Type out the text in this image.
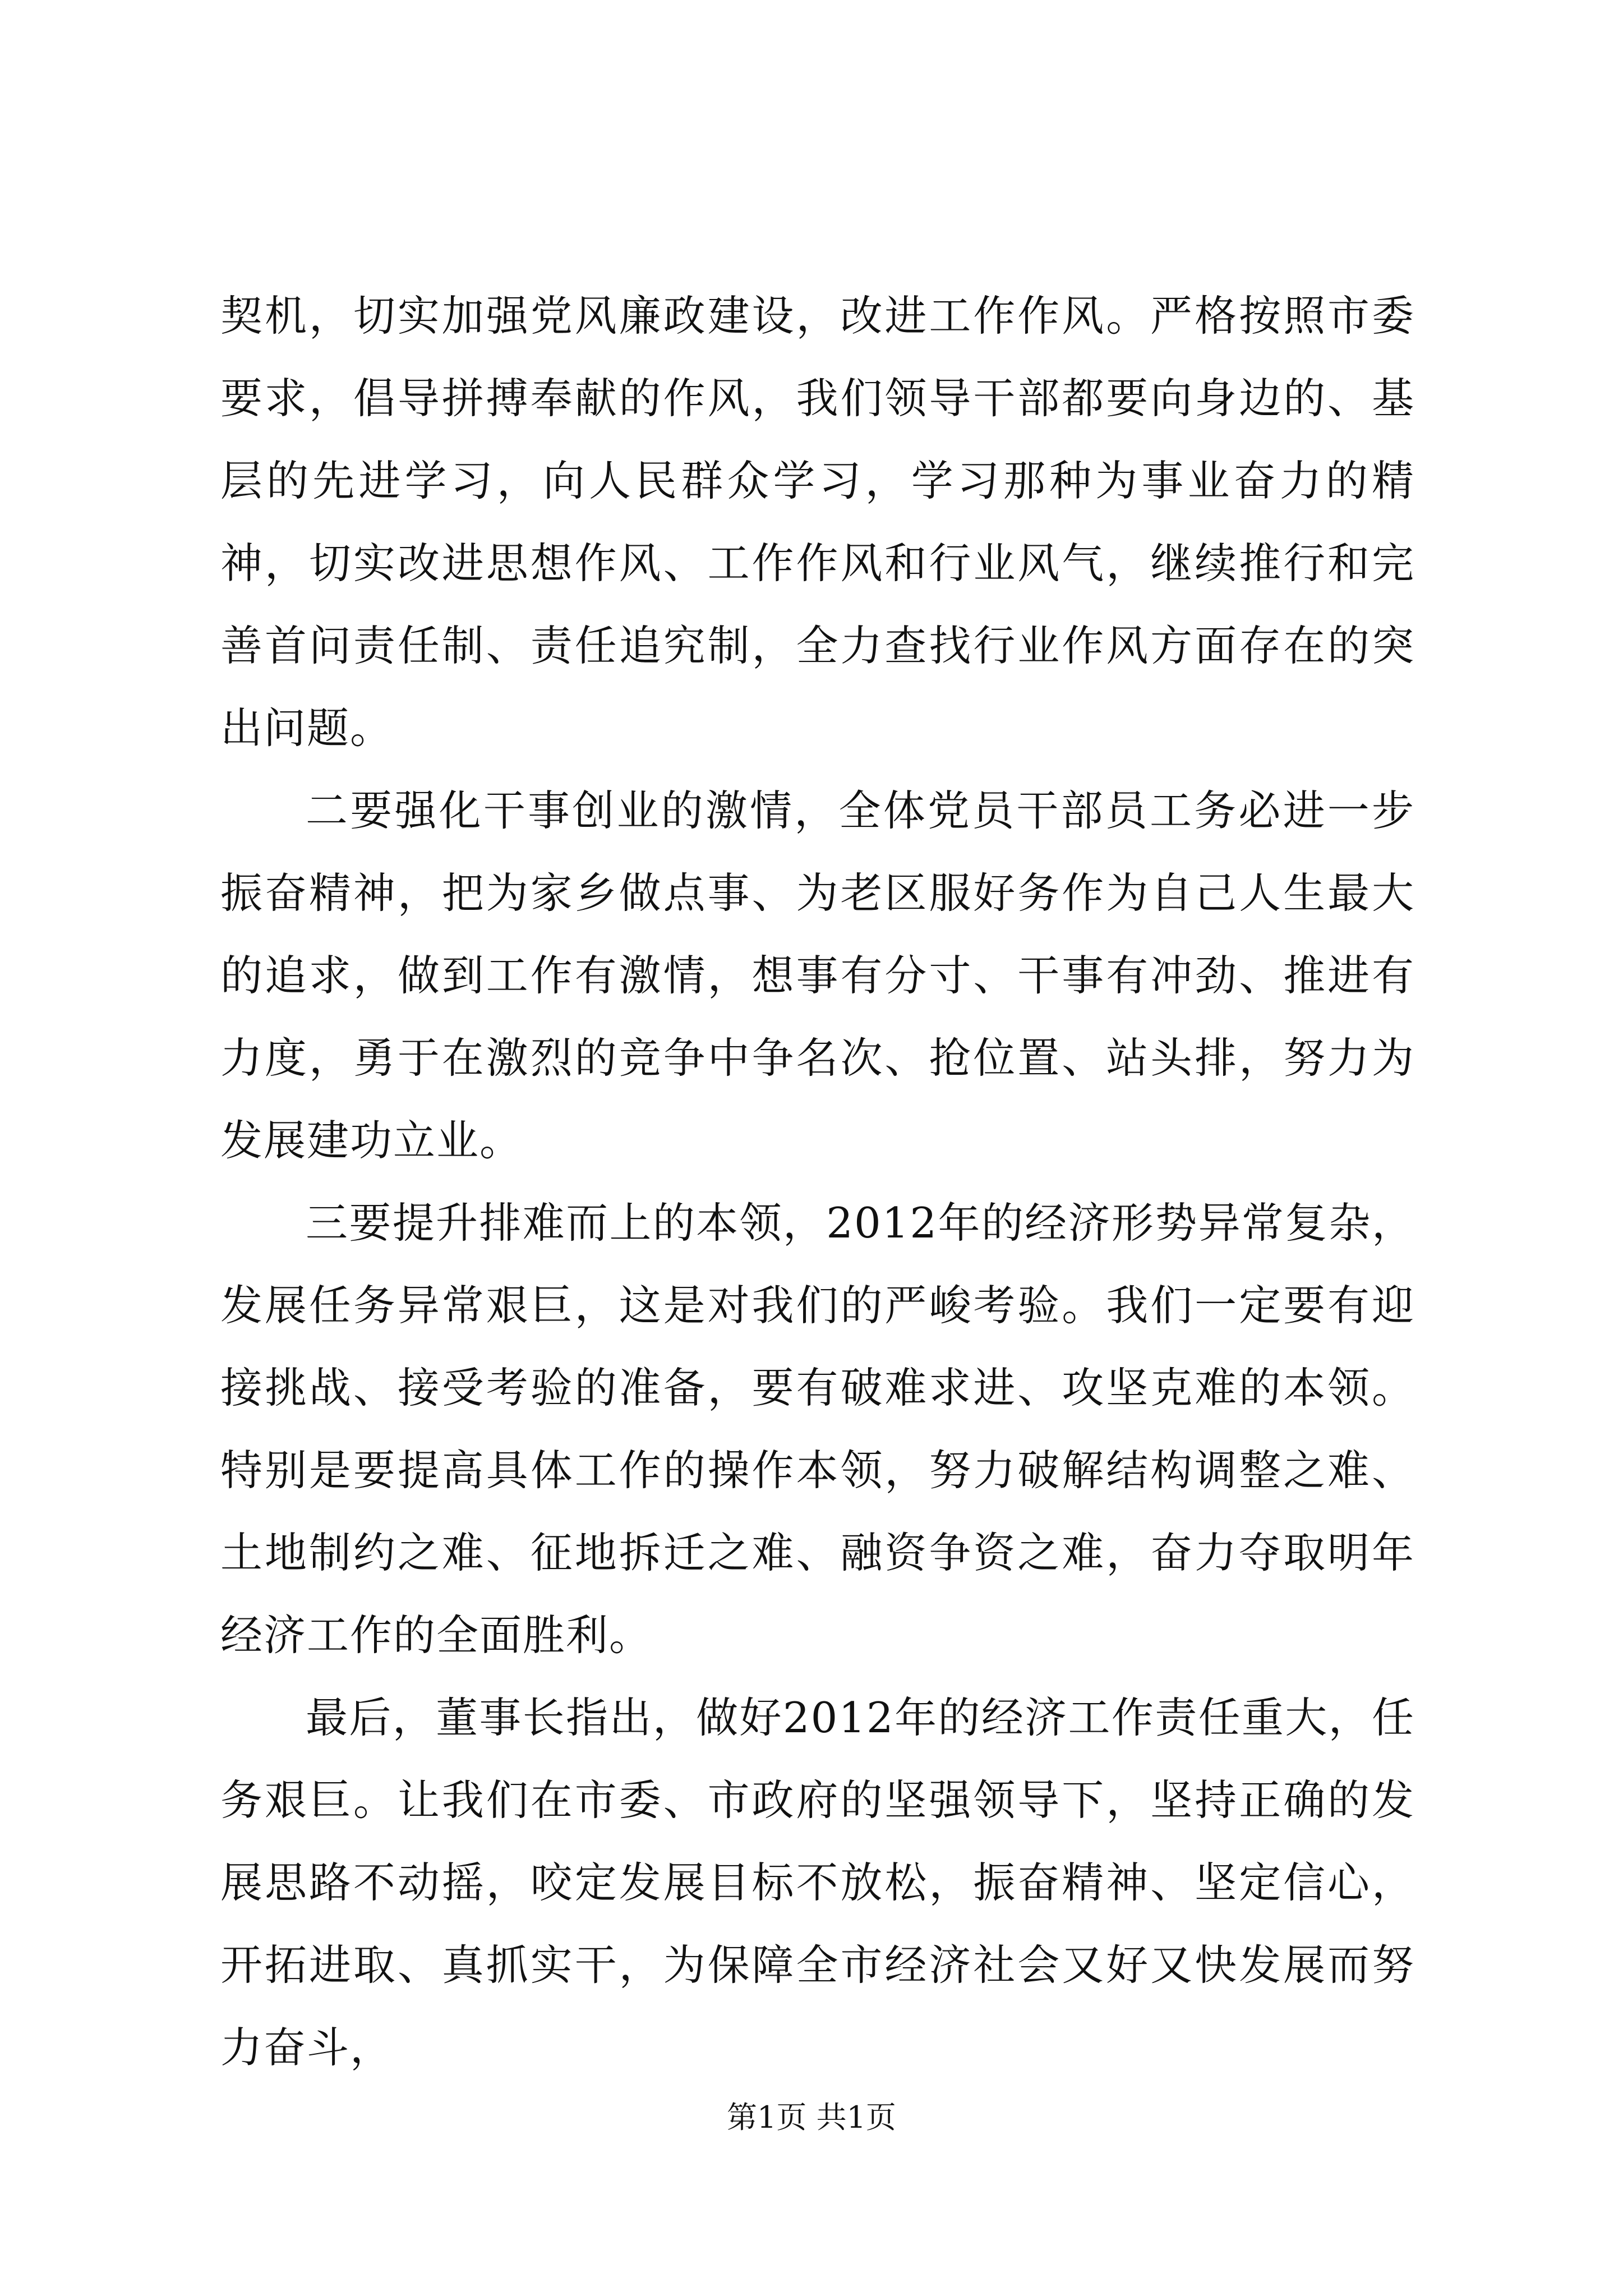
契机，切实加强党风廉政建设，改进工作作风。严格按照市委要求，倡导拼搏奉献的作风，我们领导干部都要向身边的、基层的先进学习，向人民群众学习，学习那种为事业奋力的精神，切实改进思想作风、工作作风和行业风气，继续推行和完善首问责任制、责任追究制，全力查找行业作风方面存在的突出问题。

二要强化干事创业的激情，全体党员干部员工务必进一步振奋精神，把为家乡做点事、为老区服好务作为自己人生最大的追求，做到工作有激情，想事有分寸、干事有冲劲、推进有力度，勇于在激烈的竞争中争名次、抢位置、站头排，努力为发展建功立业。

三要提升排难而上的本领，2012年的经济形势异常复杂，发展任务异常艰巨，这是对我们的严峻考验。我们一定要有迎接挑战、接受考验的准备，要有破难求进、攻坚克难的本领。特别是要提高具体工作的操作本领，努力破解结构调整之难、土地制约之难、征地拆迁之难、融资争资之难，奋力夺取明年经济工作的全面胜利。

最后，董事长指出，做好2012年的经济工作责任重大，任务艰巨。让我们在市委、市政府的坚强领导下，坚持正确的发展思路不动摇，咬定发展目标不放松，振奋精神、坚定信心，开拓进取、真抓实干，为保障全市经济社会又好又快发展而努力奋斗，

第1页 共1页
